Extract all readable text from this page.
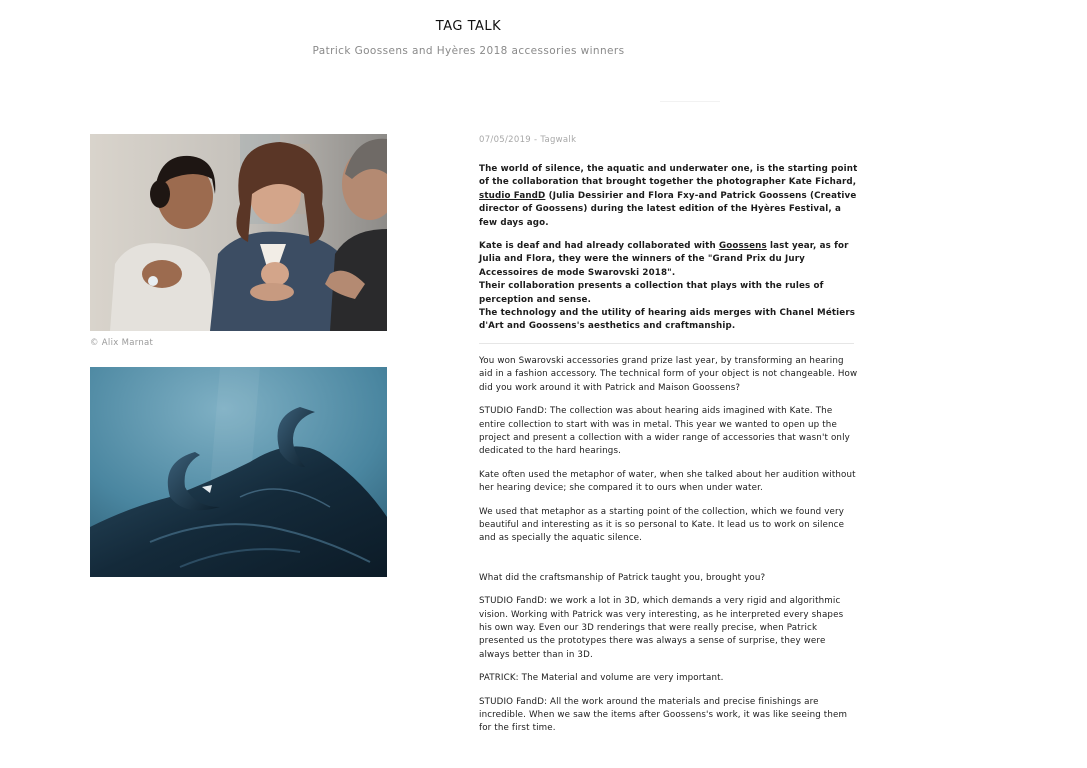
TAG TALK
Patrick Goossens and Hyères 2018 accessories winners
© Alix Marnat
07/05/2019 - Tagwalk

The world of silence, the aquatic and underwater one, is the starting point of the collaboration that brought together the photographer Kate Fichard, studio FandD (Julia Dessirier and Flora Fxy-and Patrick Goossens (Creative director of Goossens) during the latest edition of the Hyères Festival, a few days ago.

Kate is deaf and had already collaborated with Goossens last year, as for Julia and Flora, they were the winners of the "Grand Prix du Jury Accessoires de mode Swarovski 2018".

Their collaboration presents a collection that plays with the rules of perception and sense.

The technology and the utility of hearing aids merges with Chanel Métiers d'Art and Goossens's aesthetics and craftmanship.

You won Swarovski accessories grand prize last year, by transforming an hearing aid in a fashion accessory. The technical form of your object is not changeable. How did you work around it with Patrick and Maison Goossens?

STUDIO FandD: The collection was about hearing aids imagined with Kate. The entire collection to start with was in metal. This year we wanted to open up the project and present a collection with a wider range of accessories that wasn't only dedicated to the hard hearings.

Kate often used the metaphor of water, when she talked about her audition without her hearing device; she compared it to ours when under water.

We used that metaphor as a starting point of the collection, which we found very beautiful and interesting as it is so personal to Kate. It lead us to work on silence and as specially the aquatic silence.

What did the craftsmanship of Patrick taught you, brought you?

STUDIO FandD: we work a lot in 3D, which demands a very rigid and algorithmic vision. Working with Patrick was very interesting, as he interpreted every shapes his own way. Even our 3D renderings that were really precise, when Patrick presented us the prototypes there was always a sense of surprise, they were always better than in 3D.

PATRICK: The Material and volume are very important.

STUDIO FandD: All the work around the materials and precise finishings are incredible. When we saw the items after Goossens's work, it was like seeing them for the first time.
